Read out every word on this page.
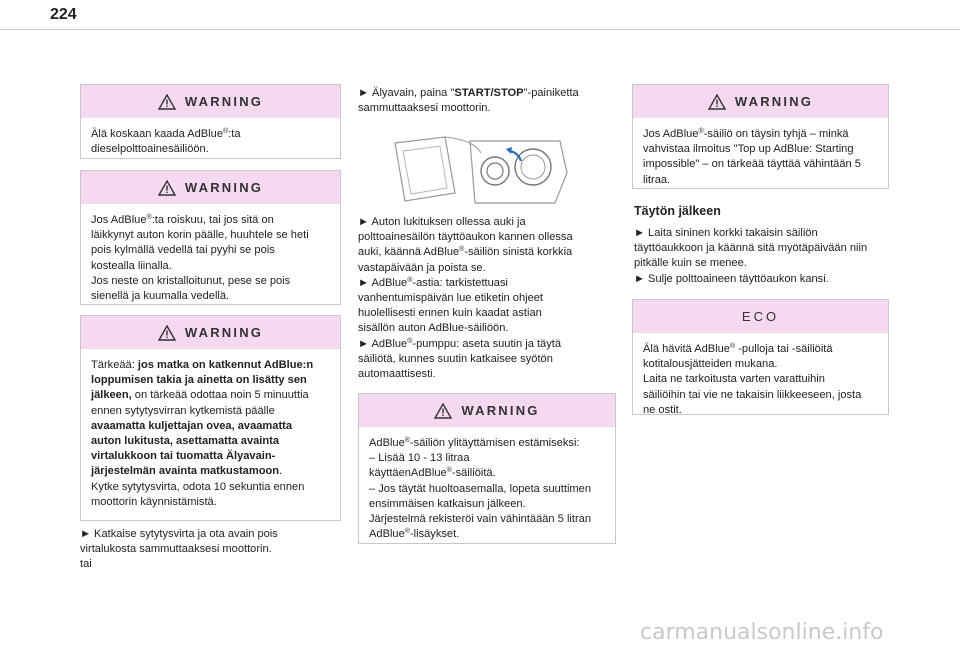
224
WARNING

Älä koskaan kaada AdBlue®:ta

dieselpolttoainesäiliöön.

WARNING

Jos AdBlue®:ta roiskuu, tai jos sitä on

läikkynyt auton korin päälle, huuhtele se heti

pois kylmällä vedellä tai pyyhi se pois

kostealla liinalla.

Jos neste on kristalloitunut, pese se pois

sienellä ja kuumalla vedellä.

WARNING

Tärkeää: jos matka on katkennut AdBlue:n

loppumisen takia ja ainetta on lisätty sen

jälkeen, on tärkeää odottaa noin 5 minuuttia

ennen sytytysvirran kytkemistä päälle

avaamatta kuljettajan ovea, avaamatta

auton lukitusta, asettamatta avainta

virtalukkoon tai tuomatta Älyavain-

järjestelmän avainta matkustamoon.

Kytke sytytysvirta, odota 10 sekuntia ennen

moottorin käynnistämistä.

► Katkaise sytytysvirta ja ota avain pois

virtalukosta sammuttaaksesi moottorin.

tai

► Älyavain, paina "START/STOP"-painiketta

sammuttaaksesi moottorin.

► Auton lukituksen ollessa auki ja

polttoainesäilön täyttöaukon kannen ollessa

auki, käännä AdBlue®-säiliön sinistä korkkia

vastapäivään ja poista se.

► AdBlue®-astia: tarkistettuasi

vanhentumispäivän lue etiketin ohjeet

huolellisesti ennen kuin kaadat astian

sisällön auton AdBlue-säiliöön.

► AdBlue®-pumppu: aseta suutin ja täytä

säiliötä, kunnes suutin katkaisee syötön

automaattisesti.

WARNING

AdBlue®-säiliön ylitäyttämisen estämiseksi:

– Lisää 10 - 13 litraa

käyttäenAdBlue®-säiliöitä.

– Jos täytät huoltoasemalla, lopeta suuttimen

ensimmäisen katkaisun jälkeen.

Järjestelmä rekisteröi vain vähintäään 5 litran

AdBlue®-lisäykset.

WARNING

Jos AdBlue®-säiliö on täysin tyhjä – minkä

vahvistaa ilmoitus "Top up AdBlue: Starting

impossible" – on tärkeää täyttää vähintään 5

litraa.

Täytön jälkeen

► Laita sininen korkki takaisin säiliön

täyttöaukkoon ja käännä sitä myötäpäivään niin

pitkälle kuin se menee.

► Sulje polttoaineen täyttöaukon kansi.

ECO

Älä hävitä AdBlue® -pulloja tai -säiliöitä

kotitalousjätteiden mukana.

Laita ne tarkoitusta varten varattuihin

säiliöihin tai vie ne takaisin liikkeeseen, josta

ne ostit.

carmanualsonline.info
